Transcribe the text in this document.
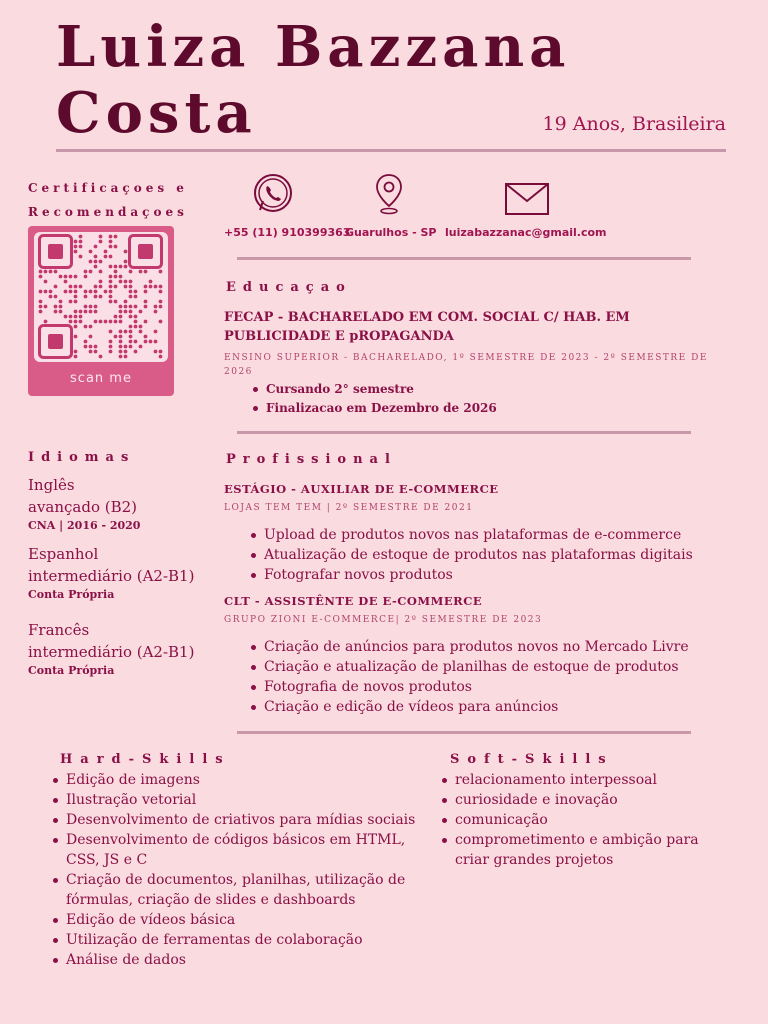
Luiza Bazzana
Costa	19 Anos, Brasileira
Certificaçoes e
Recomendaçoes
scan me
+55 (11) 910399363
Guarulhos - SP luizabazzanac@gmail.com
Educaçao
FECAP - BACHARELADO EM COM. SOCIAL C/ HAB. EM PUBLICIDADE E pROPAGANDA
ENSINO SUPERIOR - BACHARELADO, 1º SEMESTRE DE 2023 - 2º SEMESTRE DE 2026
Cursando 2° semestre
Finalizacao em Dezembro de 2026
Idiomas
Inglês
avançado (B2)
CNA | 2016 - 2020
Espanhol
intermediário (A2-B1)
Conta Própria
Francês
intermediário (A2-B1)
Conta Própria
Profissional
ESTÁGIO - AUXILIAR DE E-COMMERCE
LOJAS TEM TEM | 2º SEMESTRE DE 2021
Upload de produtos novos nas plataformas de e-commerce
Atualização de estoque de produtos nas plataformas digitais
Fotografar novos produtos
CLT - ASSISTÊNTE DE E-COMMERCE
GRUPO ZIONI E-COMMERCE| 2º SEMESTRE DE 2023
Criação de anúncios para produtos novos no Mercado Livre
Criação e atualização de planilhas de estoque de produtos
Fotografia de novos produtos
Criação e edição de vídeos para anúncios
Hard-Skills
Edição de imagens
Ilustração vetorial
Desenvolvimento de criativos para mídias sociais
Desenvolvimento de códigos básicos em HTML, CSS, JS e C
Criação de documentos, planilhas, utilização de fórmulas, criação de slides e dashboards
Edição de vídeos básica
Utilização de ferramentas de colaboração
Análise de dados
Soft-Skills
relacionamento interpessoal
curiosidade e inovação
comunicação
comprometimento e ambição para criar grandes projetos
